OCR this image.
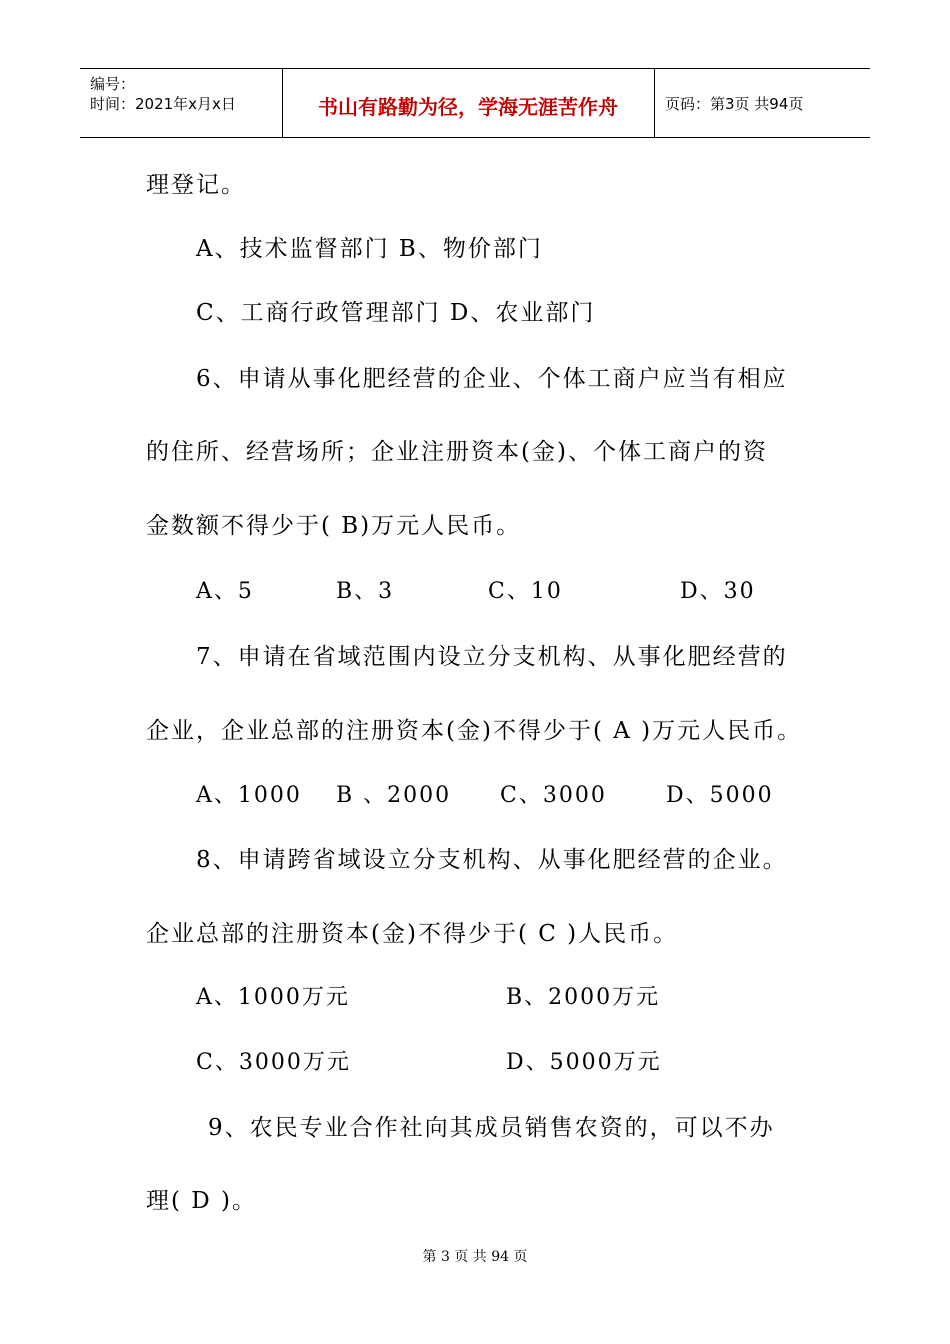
编号：
时间：2021年x月x日	书山有路勤为径，学海无涯苦作舟	页码：第3页 共94页
理登记。
A、技术监督部门 B、物价部门
C、工商行政管理部门 D、农业部门
6、申请从事化肥经营的企业、个体工商户应当有相应
的住所、经营场所；企业注册资本(金)、个体工商户的资
金数额不得少于( B)万元人民币。
A、5	B、3	C、10	D、30
7、申请在省域范围内设立分支机构、从事化肥经营的
企业，企业总部的注册资本(金)不得少于( A )万元人民币。
A、1000 B 、2000 C、3000	D、5000
8、申请跨省域设立分支机构、从事化肥经营的企业。
企业总部的注册资本(金)不得少于( C )人民币。
A、1000万元	B、2000万元
C、3000万元	D、5000万元
9、农民专业合作社向其成员销售农资的，可以不办
理( D )。
第 3 页 共 94 页
